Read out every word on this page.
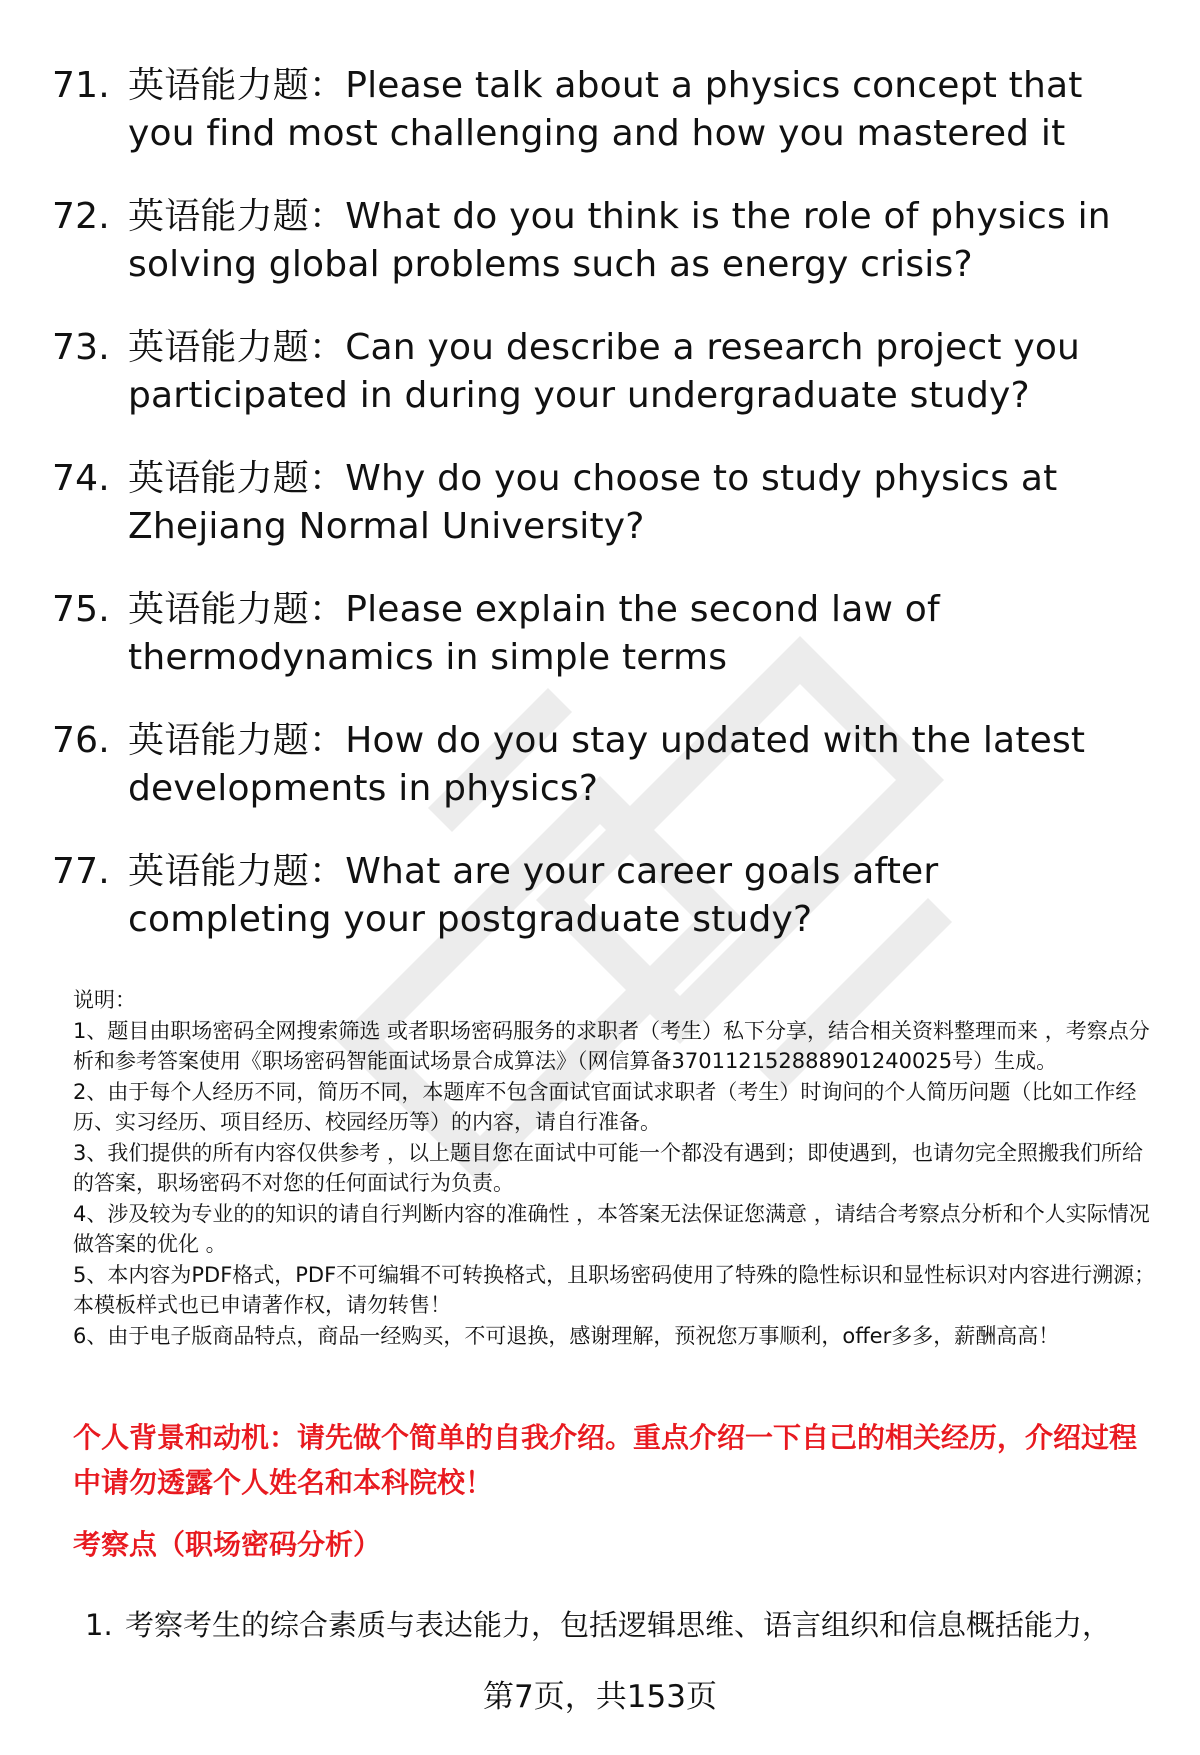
71. 英语能力题：Please talk about a physics concept that you find most challenging and how you mastered it
72. 英语能力题：What do you think is the role of physics in solving global problems such as energy crisis?
73. 英语能力题：Can you describe a research project you participated in during your undergraduate study?
74. 英语能力题：Why do you choose to study physics at Zhejiang Normal University?
75. 英语能力题：Please explain the second law of thermodynamics in simple terms
76. 英语能力题：How do you stay updated with the latest developments in physics?
77. 英语能力题：What are your career goals after completing your postgraduate study?

说明：

1、题目由职场密码全网搜索筛选 或者职场密码服务的求职者（考生）私下分享，结合相关资料整理而来 ，考察点分析和参考答案使用《职场密码智能面试场景合成算法》（网信算备370112152888901240025号）生成。

2、由于每个人经历不同，简历不同，本题库不包含面试官面试求职者（考生）时询问的个人简历问题（比如工作经历、实习经历、项目经历、校园经历等）的内容，请自行准备。

3、我们提供的所有内容仅供参考 ，以上题目您在面试中可能一个都没有遇到；即使遇到，也请勿完全照搬我们所给的答案，职场密码不对您的任何面试行为负责。

4、涉及较为专业的的知识的请自行判断内容的准确性 ，本答案无法保证您满意 ，请结合考察点分析和个人实际情况做答案的优化 。

5、本内容为PDF格式，PDF不可编辑不可转换格式，且职场密码使用了特殊的隐性标识和显性标识对内容进行溯源；本模板样式也已申请著作权，请勿转售！

6、由于电子版商品特点，商品一经购买，不可退换，感谢理解，预祝您万事顺利，offer多多，薪酬高高！

个人背景和动机：请先做个简单的自我介绍。重点介绍一下自己的相关经历，介绍过程中请勿透露个人姓名和本科院校！
考察点（职场密码分析）
1. 考察考生的综合素质与表达能力，包括逻辑思维、语言组织和信息概括能力，
第7页，共153页
